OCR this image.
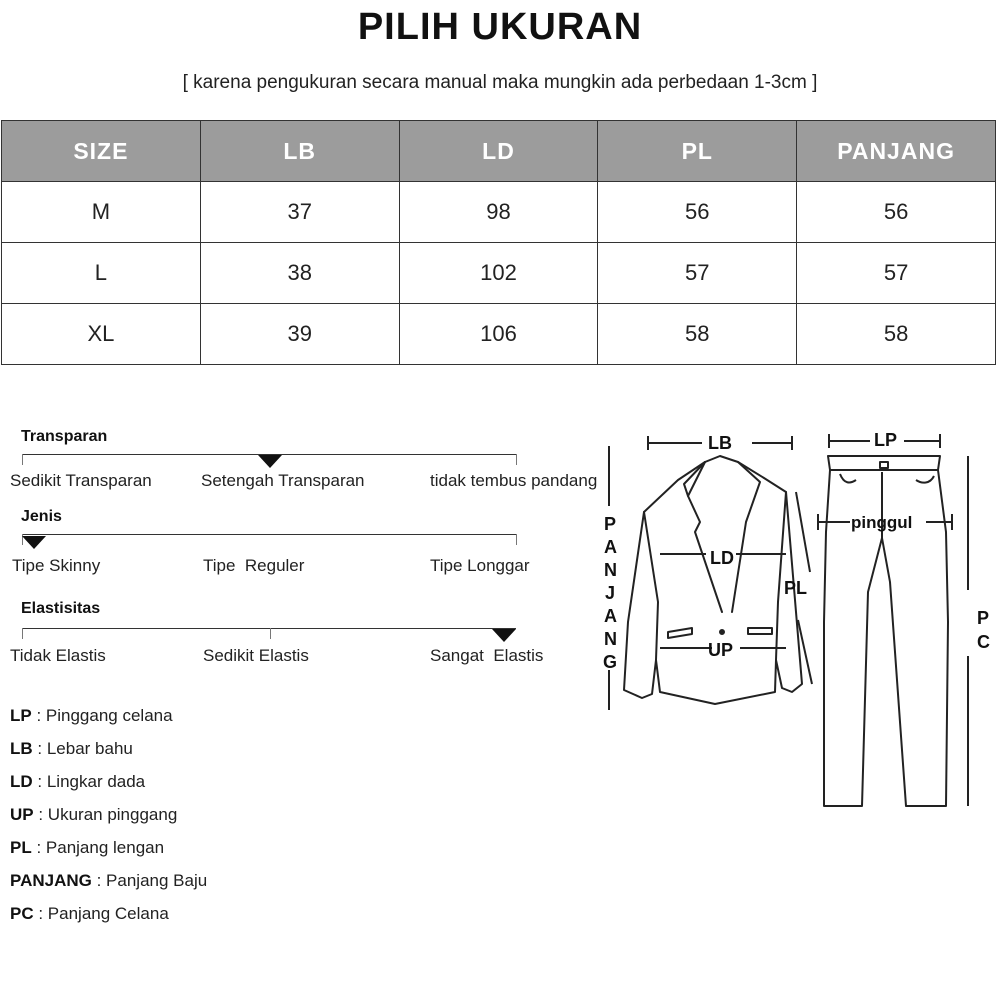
PILIH UKURAN

[ karena pengukuran secara manual maka mungkin ada perbedaan 1-3cm ]

SIZE	LB	LD	PL	PANJANG
M	37	98	56	56
L	38	102	57	57
XL	39	106	58	58
Transparan
Sedikit Transparan	Setengah Transparan	tidak tembus pandang
Jenis
Tipe Skinny	Tipe  Reguler	Tipe Longgar
Elastisitas
Tidak Elastis	Sedikit Elastis	Sangat  Elastis
LP : Pinggang celana
LB : Lebar bahu
LD : Lingkar dada
UP : Ukuran pinggang
PL : Panjang lengan
PANJANG : Panjang Baju
PC : Panjang Celana
LB	LP
LD
UP
PL
pinggul
P
A
N
J
A
N
G
P
C
